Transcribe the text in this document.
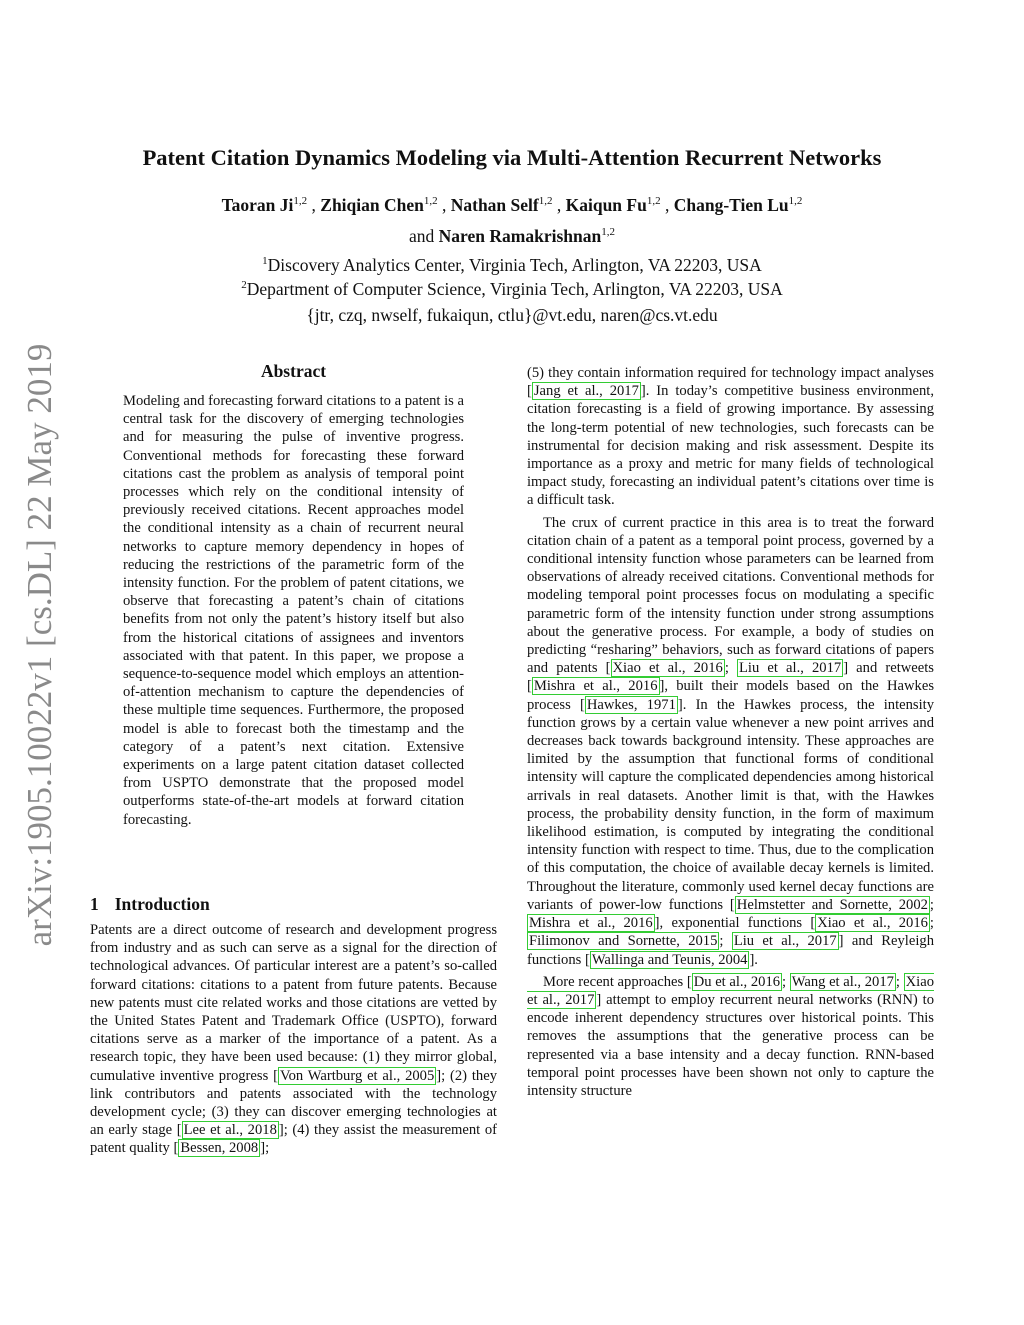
arXiv:1905.10022v1 [cs.DL] 22 May 2019
Patent Citation Dynamics Modeling via Multi-Attention Recurrent Networks
Taoran Ji$^{1,2}$ , Zhiqian Chen$^{1,2}$ , Nathan Self$^{1,2}$ , Kaiqun Fu$^{1,2}$ , Chang-Tien Lu$^{1,2}$
and Naren Ramakrishnan$^{1,2}$
$^1$Discovery Analytics Center, Virginia Tech, Arlington, VA 22203, USA
$^2$Department of Computer Science, Virginia Tech, Arlington, VA 22203, USA
{jtr, czq, nwself, fukaiqun, ctlu}@vt.edu, naren@cs.vt.edu
Abstract
Modeling and forecasting forward citations to a patent is a central task for the discovery of emerging technologies and for measuring the pulse of inventive progress. Conventional methods for forecasting these forward citations cast the problem as analysis of temporal point processes which rely on the conditional intensity of previously received citations. Recent approaches model the conditional intensity as a chain of recurrent neural networks to capture memory dependency in hopes of reducing the restrictions of the parametric form of the intensity function. For the problem of patent citations, we observe that forecasting a patent’s chain of citations benefits from not only the patent’s history itself but also from the historical citations of assignees and inventors associated with that patent. In this paper, we propose a sequence-to-sequence model which employs an attention-of-attention mechanism to capture the dependencies of these multiple time sequences. Furthermore, the proposed model is able to forecast both the timestamp and the category of a patent’s next citation. Extensive experiments on a large patent citation dataset collected from USPTO demonstrate that the proposed model outperforms state-of-the-art models at forward citation forecasting.
1 Introduction

Patents are a direct outcome of research and development progress from industry and as such can serve as a signal for the direction of technological advances. Of particular interest are a patent’s so-called forward citations: citations to a patent from future patents. Because new patents must cite related works and those citations are vetted by the United States Patent and Trademark Office (USPTO), forward citations serve as a marker of the importance of a patent. As a research topic, they have been used because: (1) they mirror global, cumulative inventive progress [ Von Wartburg et al., 2005 ]; (2) they link contributors and patents associated with the technology development cycle; (3) they can discover emerging technologies at an early stage [ Lee et al., 2018 ]; (4) they assist the measurement of patent quality [ Bessen, 2008 ];

(5) they contain information required for technology impact analyses [ Jang et al., 2017 ]. In today’s competitive business environment, citation forecasting is a field of growing importance. By assessing the long-term potential of new technologies, such forecasts can be instrumental for decision making and risk assessment. Despite its importance as a proxy and metric for many fields of technological impact study, forecasting an individual patent’s citations over time is a difficult task.

The crux of current practice in this area is to treat the forward citation chain of a patent as a temporal point process, governed by a conditional intensity function whose parameters can be learned from observations of already received citations. Conventional methods for modeling temporal point processes focus on modulating a specific parametric form of the intensity function under strong assumptions about the generative process. For example, a body of studies on predicting “resharing” behaviors, such as forward citations of papers and patents [ Xiao et al., 2016 ; Liu et al., 2017 ] and retweets [ Mishra et al., 2016 ], built their models based on the Hawkes process [ Hawkes, 1971 ]. In the Hawkes process, the intensity function grows by a certain value whenever a new point arrives and decreases back towards background intensity. These approaches are limited by the assumption that functional forms of conditional intensity will capture the complicated dependencies among historical arrivals in real datasets. Another limit is that, with the Hawkes process, the probability density function, in the form of maximum likelihood estimation, is computed by integrating the conditional intensity function with respect to time. Thus, due to the complication of this computation, the choice of available decay kernels is limited. Throughout the literature, commonly used kernel decay functions are variants of power-low functions [ Helmstetter and Sornette, 2002 ; Mishra et al., 2016 ], exponential functions [ Xiao et al., 2016 ; Filimonov and Sornette, 2015 ; Liu et al., 2017 ] and Reyleigh functions [ Wallinga and Teunis, 2004 ].

More recent approaches [ Du et al., 2016 ; Wang et al., 2017 ; Xiao et al., 2017 ] attempt to employ recurrent neural networks (RNN) to encode inherent dependency structures over historical points. This removes the assumptions that the generative process can be represented via a base intensity and a decay function. RNN-based temporal point processes have been shown not only to capture the intensity structure
